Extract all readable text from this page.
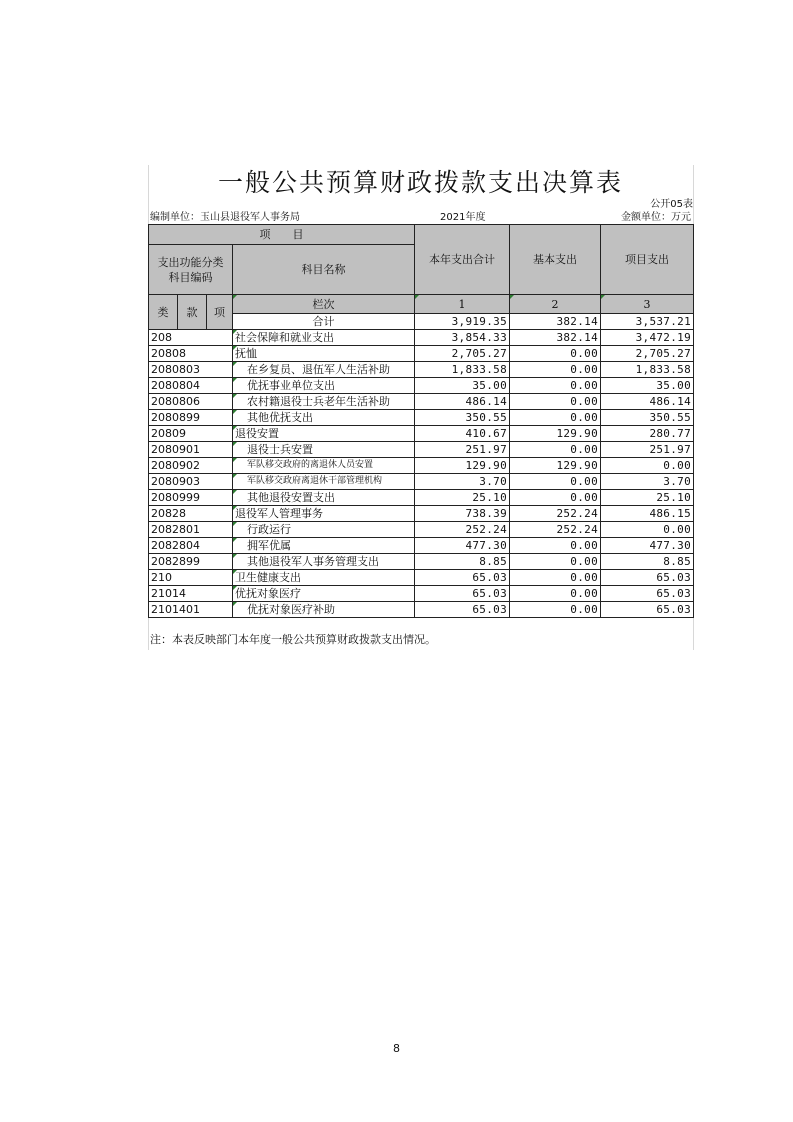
一般公共预算财政拨款支出决算表
公开05表
编制单位：玉山县退役军人事务局	2021年度	金额单位：万元
项　　目				本年支出合计	基本支出	项目支出
支出功能分类科目编码			科目名称			

类	款	项	栏次	1	2	3
			合计	3,919.35	382.14	3,537.21
208			社会保障和就业支出	3,854.33	382.14	3,472.19
20808			抚恤	2,705.27	0.00	2,705.27
2080803			在乡复员、退伍军人生活补助	1,833.58	0.00	1,833.58
2080804			优抚事业单位支出	35.00	0.00	35.00
2080806			农村籍退役士兵老年生活补助	486.14	0.00	486.14
2080899			其他优抚支出	350.55	0.00	350.55
20809			退役安置	410.67	129.90	280.77
2080901			退役士兵安置	251.97	0.00	251.97
2080902			军队移交政府的离退休人员安置	129.90	129.90	0.00
2080903			军队移交政府离退休干部管理机构	3.70	0.00	3.70
2080999			其他退役安置支出	25.10	0.00	25.10
20828			退役军人管理事务	738.39	252.24	486.15
2082801			行政运行	252.24	252.24	0.00
2082804			拥军优属	477.30	0.00	477.30
2082899			其他退役军人事务管理支出	8.85	0.00	8.85
210			卫生健康支出	65.03	0.00	65.03
21014			优抚对象医疗	65.03	0.00	65.03
2101401			优抚对象医疗补助	65.03	0.00	65.03
注：本表反映部门本年度一般公共预算财政拨款支出情况。
8
